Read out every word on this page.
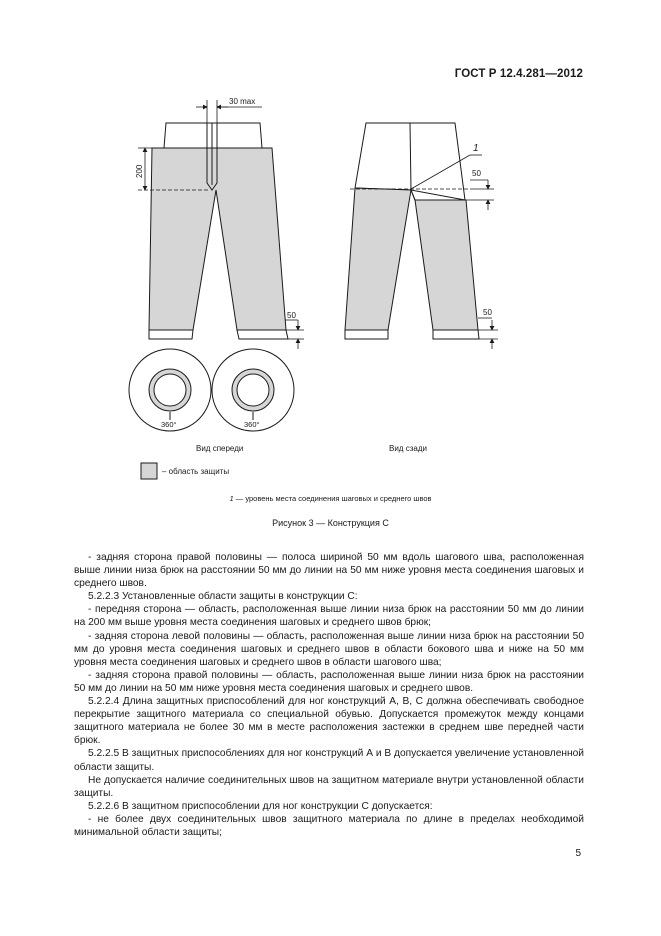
ГОСТ Р 12.4.281—2012
30 max
200
50
1
50
50
360°	360°
Вид спереди	Вид сзади
– область защиты
1 — уровень места соединения шаговых и среднего швов
Рисунок 3 — Конструкция С

- задняя сторона правой половины — полоса шириной 50 мм вдоль шагового шва, расположенная выше линии низа брюк на расстоянии 50 мм до линии на 50 мм ниже уровня места соединения шаговых и среднего швов.

5.2.2.3 Установленные области защиты в конструкции С:

- передняя сторона — область, расположенная выше линии низа брюк на расстоянии 50 мм до линии на 200 мм выше уровня места соединения шаговых и среднего швов брюк;

- задняя сторона левой половины — область, расположенная выше линии низа брюк на расстоянии 50 мм до уровня места соединения шаговых и среднего швов в области бокового шва и ниже на 50 мм уровня места соединения шаговых и среднего швов в области шагового шва;

- задняя сторона правой половины — область, расположенная выше линии низа брюк на расстоянии 50 мм до линии на 50 мм ниже уровня места соединения шаговых и среднего швов.

5.2.2.4 Длина защитных приспособлений для ног конструкций А, В, С должна обеспечивать свободное перекрытие защитного материала со специальной обувью. Допускается промежуток между концами защитного материала не более 30 мм в месте расположения застежки в среднем шве передней части брюк.

5.2.2.5 В защитных приспособлениях для ног конструкций А и В допускается увеличение установленной области защиты.

Не допускается наличие соединительных швов на защитном материале внутри установленной области защиты.

5.2.2.6 В защитном приспособлении для ног конструкции С допускается:

- не более двух соединительных швов защитного материала по длине в пределах необходимой минимальной области защиты;

5
